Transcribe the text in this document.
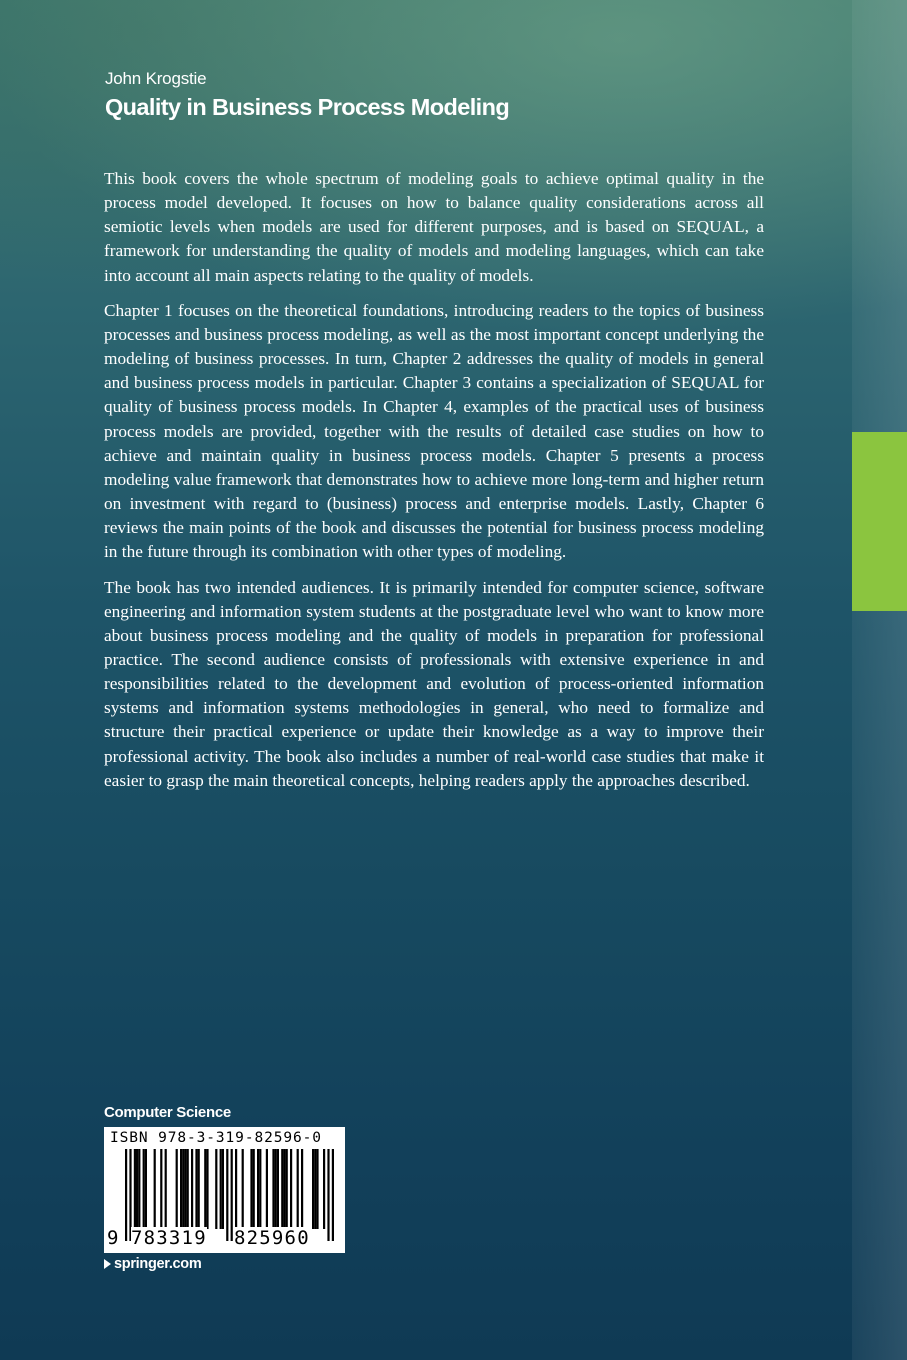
John Krogstie
Quality in Business Process Modeling

This book covers the whole spectrum of modeling goals to achieve optimal quality in the process model developed. It focuses on how to balance quality considerations across all semiotic levels when models are used for different purposes, and is based on SEQUAL, a framework for understanding the quality of models and modeling languages, which can take into account all main aspects relating to the quality of models.

Chapter 1 focuses on the theoretical foundations, introducing readers to the topics of business processes and business process modeling, as well as the most important concept underlying the modeling of business processes. In turn, Chapter 2 addresses the quality of models in general and business process models in particular. Chapter 3 contains a specialization of SEQUAL for quality of business process models. In Chapter 4, examples of the practical uses of business process models are provided, together with the results of detailed case studies on how to achieve and maintain quality in business process models. Chapter 5 presents a process modeling value framework that demonstrates how to achieve more long-term and higher return on investment with regard to (business) process and enterprise models. Lastly, Chapter 6 reviews the main points of the book and discusses the potential for business process modeling in the future through its combination with other types of modeling.

The book has two intended audiences. It is primarily intended for computer science, software engineering and information system students at the postgraduate level who want to know more about business process modeling and the quality of models in preparation for professional practice. The second audience consists of professionals with extensive experience in and responsibilities related to the development and evolution of process-oriented information systems and information systems methodologies in general, who need to formalize and structure their practical experience or update their knowledge as a way to improve their professional activity. The book also includes a number of real-world case studies that make it easier to grasp the main theoretical concepts, helping readers apply the approaches described.

Computer Science
ISBN 978-3-319-82596-0
9 783319 825960
springer.com
